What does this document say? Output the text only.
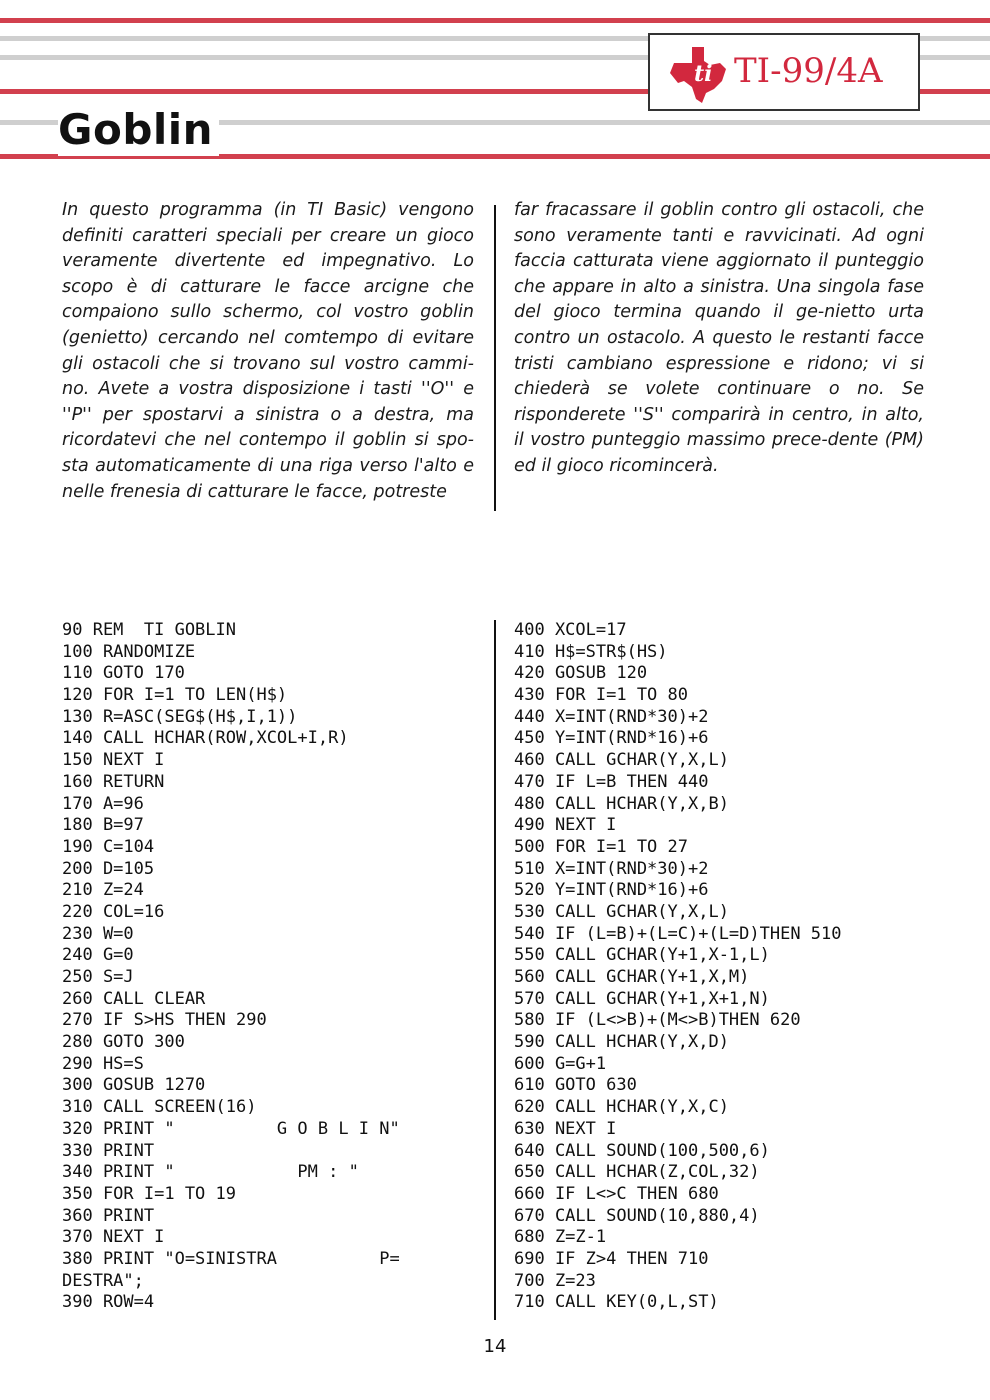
ti TI-99/4A
Goblin

In questo programma (in TI Basic) vengono definiti caratteri speciali per creare un gioco veramente divertente ed impegnativo. Lo scopo è di catturare le facce arcigne che compaiono sullo schermo, col vostro goblin (genietto) cercando nel comtempo di evitare gli ostacoli che si trovano sul vostro cammi-no. Avete a vostra disposizione i tasti ''O'' e ''P'' per spostarvi a sinistra o a destra, ma ricordatevi che nel contempo il goblin si spo-sta automaticamente di una riga verso l'alto e nelle frenesia di catturare le facce, potreste

far fracassare il goblin contro gli ostacoli, che sono veramente tanti e ravvicinati. Ad ogni faccia catturata viene aggiornato il punteggio che appare in alto a sinistra. Una singola fase del gioco termina quando il ge-nietto urta contro un ostacolo. A questo le restanti facce tristi cambiano espressione e ridono; vi si chiederà se volete continuare o no. Se risponderete ''S'' comparirà in centro, in alto, il vostro punteggio massimo prece-dente (PM) ed il gioco ricomincerà.

90 REM  TI GOBLIN
100 RANDOMIZE
110 GOTO 170
120 FOR I=1 TO LEN(H$)
130 R=ASC(SEG$(H$,I,1))
140 CALL HCHAR(ROW,XCOL+I,R)
150 NEXT I
160 RETURN
170 A=96
180 B=97
190 C=104
200 D=105
210 Z=24
220 COL=16
230 W=0
240 G=0
250 S=J
260 CALL CLEAR
270 IF S>HS THEN 290
280 GOTO 300
290 HS=S
300 GOSUB 1270
310 CALL SCREEN(16)
320 PRINT "          G O B L I N"
330 PRINT
340 PRINT "            PM : "
350 FOR I=1 TO 19
360 PRINT
370 NEXT I
380 PRINT "O=SINISTRA          P=
DESTRA";
390 ROW=4
400 XCOL=17
410 H$=STR$(HS)
420 GOSUB 120
430 FOR I=1 TO 80
440 X=INT(RND*30)+2
450 Y=INT(RND*16)+6
460 CALL GCHAR(Y,X,L)
470 IF L=B THEN 440
480 CALL HCHAR(Y,X,B)
490 NEXT I
500 FOR I=1 TO 27
510 X=INT(RND*30)+2
520 Y=INT(RND*16)+6
530 CALL GCHAR(Y,X,L)
540 IF (L=B)+(L=C)+(L=D)THEN 510
550 CALL GCHAR(Y+1,X-1,L)
560 CALL GCHAR(Y+1,X,M)
570 CALL GCHAR(Y+1,X+1,N)
580 IF (L<>B)+(M<>B)THEN 620
590 CALL HCHAR(Y,X,D)
600 G=G+1
610 GOTO 630
620 CALL HCHAR(Y,X,C)
630 NEXT I
640 CALL SOUND(100,500,6)
650 CALL HCHAR(Z,COL,32)
660 IF L<>C THEN 680
670 CALL SOUND(10,880,4)
680 Z=Z-1
690 IF Z>4 THEN 710
700 Z=23
710 CALL KEY(0,L,ST)
14
